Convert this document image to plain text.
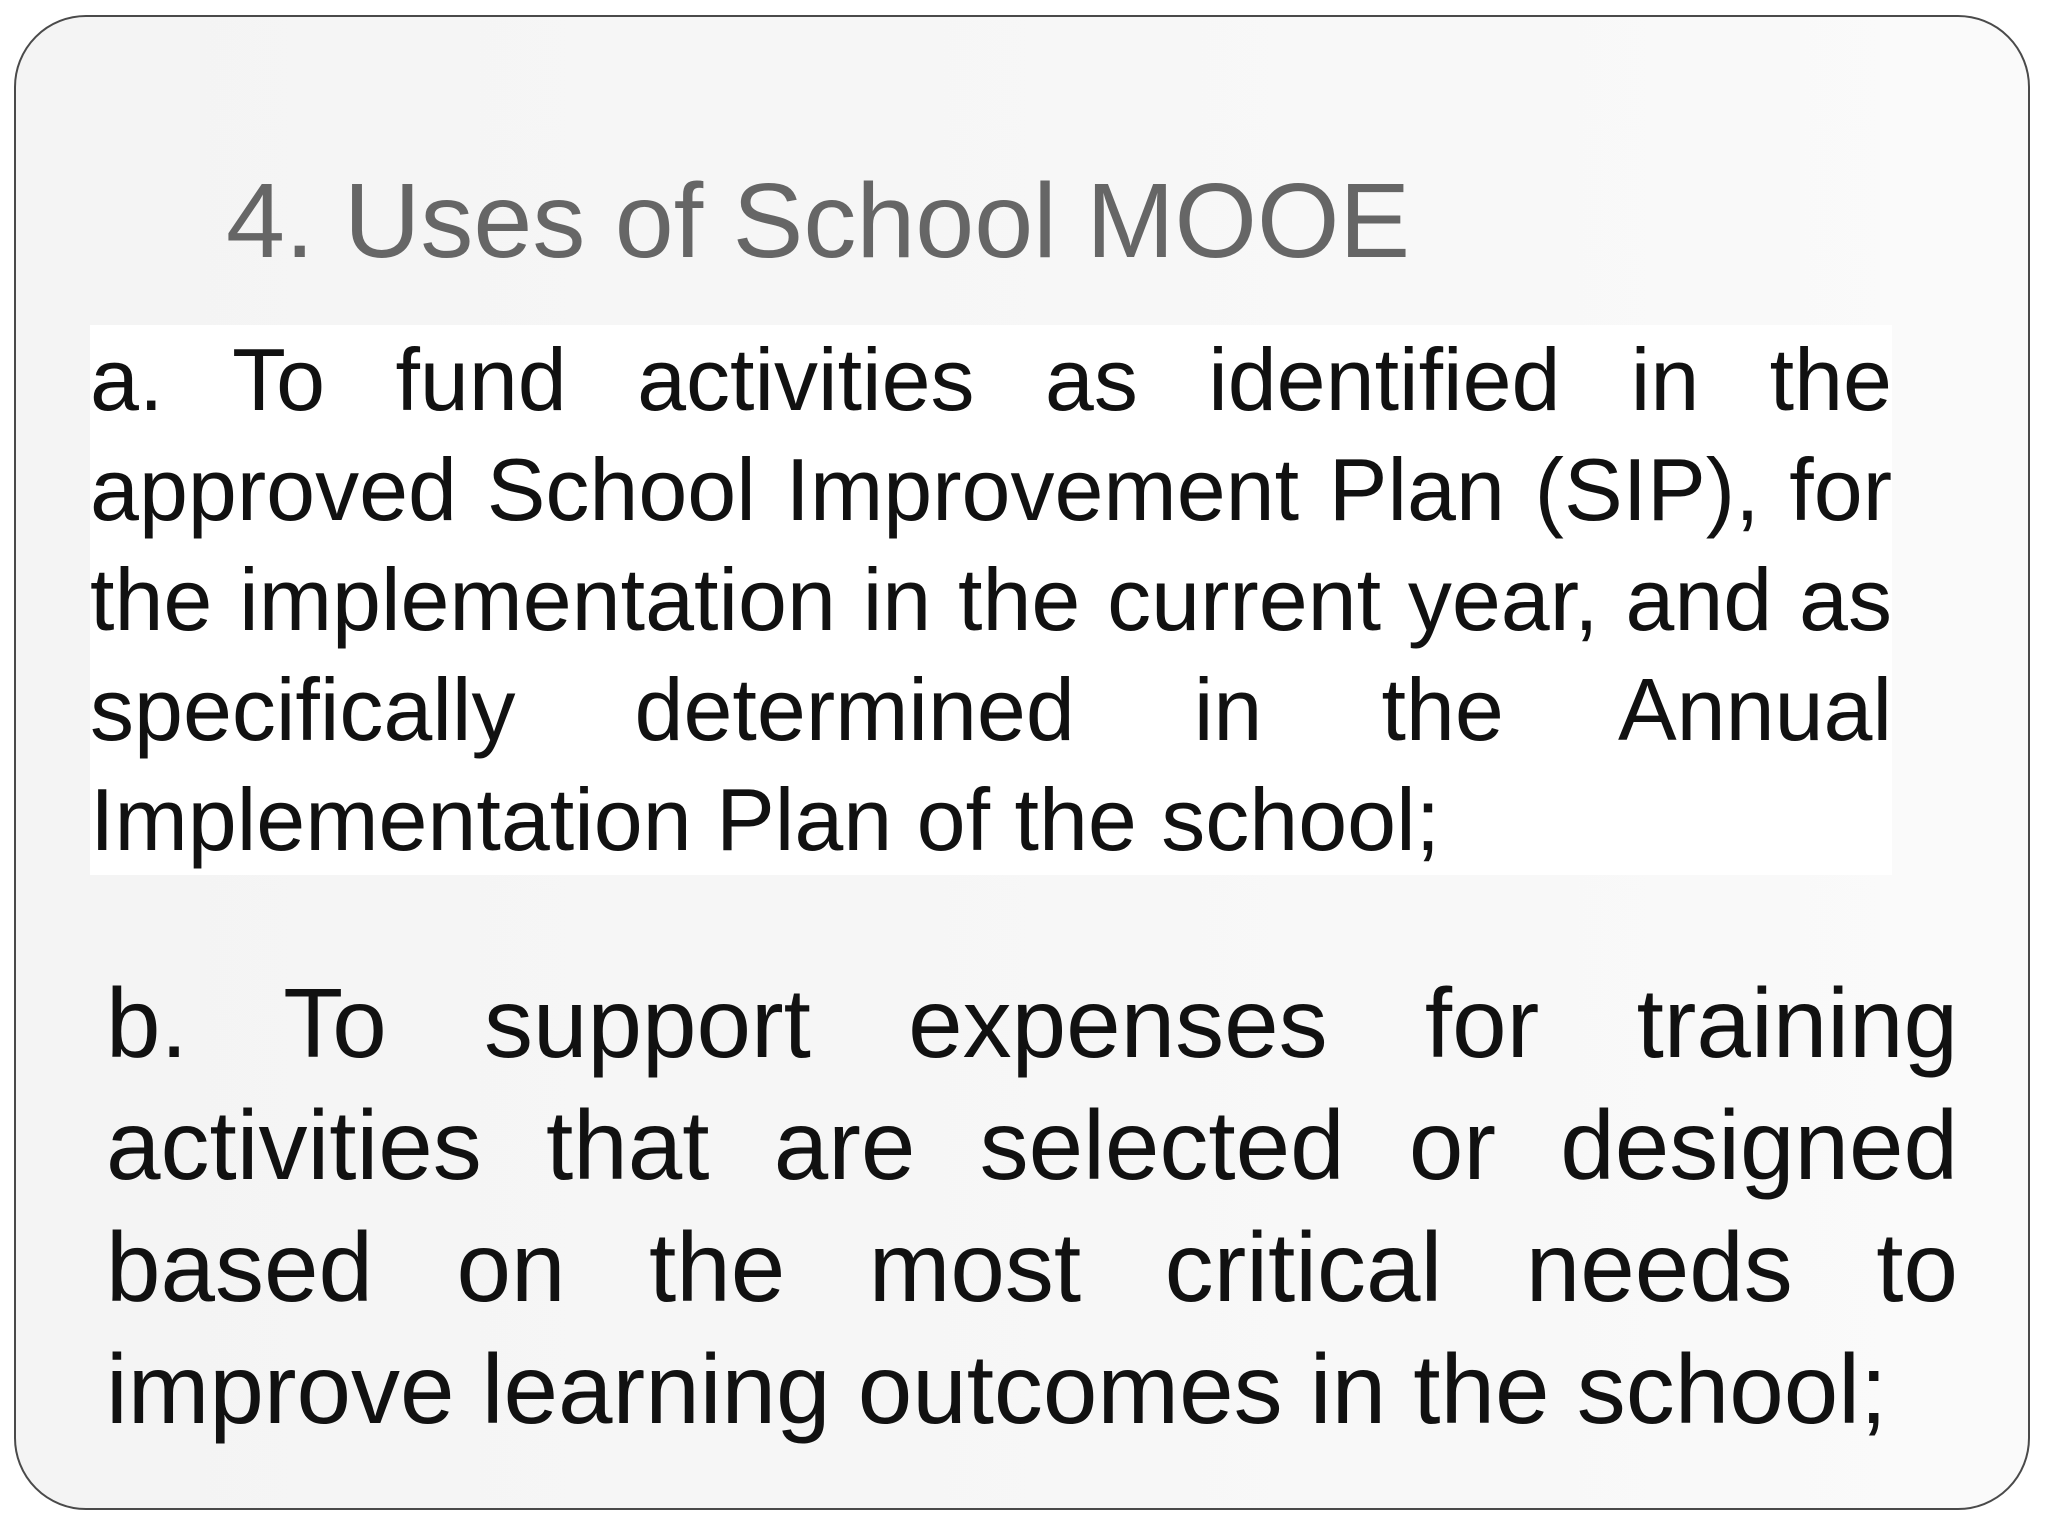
4. Uses of School MOOE

a. To fund activities as identified in the approved School Improvement Plan (SIP), for the implementation in the current year, and as specifically determined in the Annual Implementation Plan of the school;

b. To support expenses for training activities that are selected or designed based on the most critical needs to improve learning outcomes in the school;
